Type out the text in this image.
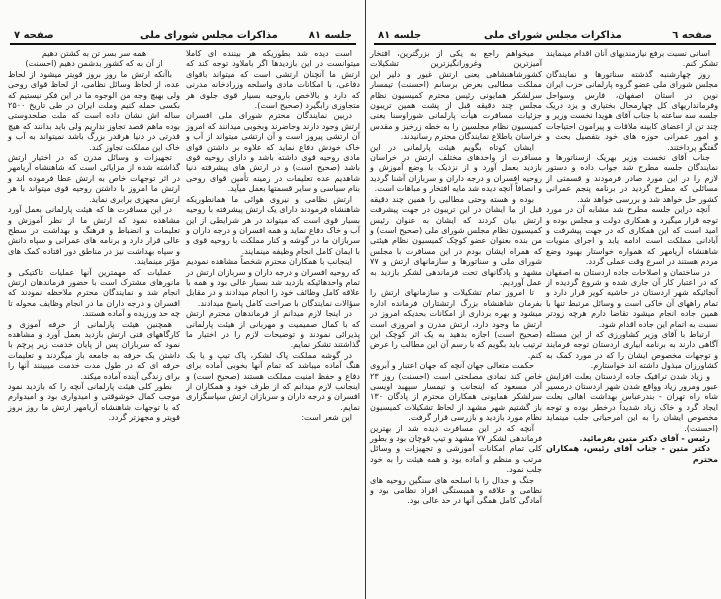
صفحه ۷	مذاکرات مجلس شورای ملی	جلسه ۸۱	جلسه ۸۱	مذاکرات مجلس شورای ملی	صفحه ٦

همه سر بسر تن به کشتن دهیم

از آن به که کشور بدشمن دهیم (احسنت)

باآنکه ارتش ما روز بروز قویتر میشود از لحاظ عده، از لحاظ وسائل نظامی، از لحاظ قوای روحی ولی بهیچ وجه من الوجوه ما در این فکر نیستیم که بکسی حمله کنیم وملت ایران در طی تاریخ ۲۵۰۰ ساله اش نشان داده است که ملت صلحدوستی بوده ماهم قصد تجاوز نداریم ولی باید بدانند که هیچ قدرتی در دنیا هرقدر بزرگ باشد نمیتواند به آب و خاک این مملکت تجاوز کند.

تجهیزات و وسائل مدرن که در اختیار ارتش گذاشته شده از مزایائی است که شاهنشاه آریامهر در اثر توجهات خاص به ارتش عطا فرموده اند و ارتش ما امروز با داشتن روحیه قوی میتواند با هر ارتش مجهزی برابری نماید.

در این مسافرت ها که هیئت پارلمانی بعمل آورد مشاهده نمود که ارتش ما از نظر آموزش و تعلیمات و انضباط و فرهنگ و بهداشت در سطح عالی قرار دارد و برنامه های عمرانی و سپاه دانش و سپاه بهداشت نیز در مناطق دور افتاده کمک های مؤثر مینمایند.

عملیات که مهمترین آنها عملیات تاکتیکی و مانورهای مشترک است با حضور فرماندهان ارتش انجام شد و نمایندگان محترم ملاحظه نمودند که افسران و درجه داران ما در انجام وظایف محوله تا چه حد ورزیده و آماده هستند.

همچنین هیئت پارلمانی از حرفه آموزی و کارگاههای فنی ارتش بازدید بعمل آورد و مشاهده نمود که سربازان پس از پایان خدمت زیر پرچم با داشتن یک حرفه به جامعه باز میگردند و تعلیمات حرفه ای که در طول مدت خدمت میبینند آنها را برای زندگی آینده آماده میکند.

بطور کلی هیئت پارلمانی آنچه را که بازدید نمود موجب کمال خوشوقتی و امیدواری بود و امیدوارم که با توجهات شاهنشاه آریامهر ارتش ما روز بروز قویتر و مجهزتر گردد.

است دیده شد بطوریکه هر بیننده ای کاملا میتوانست در این بازدیدها اگر باملاود توجه کند که ارتش ما آنچنان ارتشی است که میتواند باقوای دفاعی، با امکانات مادی واسلحه وزرادخانه مدرنی که دارد و بالاخص باروحیه بسیار قوی جلوی هر متجاوزی رابگیرد (صحیح است).

دربین نمایندگان محترم شورای ملی افسران ارتش وجود دارند وحاضرند وبخوبی میدانند که امروز آن ارتشی پیروز است و آن ارتشی میتواند از آب و خاک خودش دفاع نماید که علاوه بر داشتن قوای مادی روحیه قوی داشته باشد و دارای روحیه قوی باشد (صحیح است) و در ارتش های پیشرفته دنیا شاهدیم عده تعلیمات در زمینه تأمین قوای روحی بنام سیاسی و سایر قسمتها بعمل میآید.

ارتش نظامی و نیروی هوائی ما همانطوریکه شاهنشاه فرمودند دارای یک ارتش پیشرفته با روحیه بسیار قوی است که میتواند در هر شرایطی از این آب و خاک دفاع نماید و همه افسران و درجه داران و سربازان ما در گوشه و کنار مملکت با روحیه قوی و با ایمان کامل انجام وظیفه مینمایند.

اینجانب با همکاران محترم شخصاً مشاهده نمودیم که روحیه افسران و درجه داران و سربازان ارتش در تمام واحدهائیکه بازدید شد بسیار عالی بود و همه با علاقه کامل وظائف خود را انجام میدادند و در مقابل سؤالات نمایندگان با صراحت کامل پاسخ میدادند.

در اینجا لازم میدانم از فرماندهان محترم ارتش که با کمال صمیمیت و مهربانی از هیئت پارلمانی پذیرائی نمودند و توضیحات لازم را در اختیار ما گذاشتند تشکر نمایم.

در گوشه مملکت پاک لشکر، پاک تیپ و یا یک هنگ آماده میباشد که تمام آنها بخوبی آماده برای دفاع و حفظ امنیت مملکت هستند (صحیح است) و اینجانب لازم میدانم که از طرف خود و همکاران از افسران و درجه داران و سربازان ارتش سپاسگزاری نمایم.

این شعر است:

میخواهم راجع به یکی از بزرگترین، افتخار آمیزترین وغرورانگیزترین تشکیلات کشورشاهنشاهی یعنی ارتش غیور و دلیر این مملکت مطالبی بعرض برسانم (احسنت) تیمسار سرلشکر همایونی رئیس محترم کمیسیون نظام مجلس چند دقیقه قبل از پشت همین تریبون جزئیات مسافرت هیأت پارلمانی شوراوسنا یعنی کمیسیون نظام مجلسین را به خطه زرخیز و مقدس خراسان باطلاع نمایندگان محترم رسانیدند.

ایشان کوتاه بگویم هیئت پارلمانی در این مسافرت از واحدهای مختلف ارتش در خراسان بازدید بعمل آورد و از نزدیک با وضع آموزش و روحیه افسران و درجه داران و سربازان آشنا گردید و انصافاً آنچه دیده شد مایه افتخار و مباهات است.

بوده و هسته وحتی مطالبی را همین چند دقیقه قبل از ما ایشان در این تریبون در جهت پیشرفت ارتش بیان کردند که ایشان به عنوان رئیس کمیسیون نظام مجلس شورای ملی (صحیح است) و من بنده بعنوان عضو کوچک کمیسیون نظام هیئتی که همراه ایشان بودم در این مسافرت با مجلس شورای ملی و سناتورها و سازمانهای ارتش و ۷۷ مشهد و پادگانهای تحت فرماندهی لشکر بازدید به عمل آوردیم.

تا امروز تمام تشکیلات و سازمانهای ارتش را بفرمان شاهنشاه بزرگ ارتشتاران فرمانده اداره میشود و بهره برداری از امکانات بحدیکه امروز در ارتش ما وجود دارد، ارتش مدرن و امروزی است (صحیح است) اجازه بدهید به یک اثر کوچک این ترتیب باید بگویم که با رسم آن این مطالب را عرض کنم.

حکمت متعالی جهان آنچه که جهان اعتبار و آبروی خاص کند نمادی مصلحتی است (احسنت) روز ۲۳ آذر مسعود که اینجانب و تیمسار سپهبد اویسی سرلشکر همایونی همکاران محترم از پادگان ۱۳۰ باز گشتیم شهر مشهد از لحاظ تشکیلات کمیسیون نظام مورد بازدید و بازرسی قرار گرفت.

آنچه که در این مسافرت دیده شد از بهترین فرماندهی لشکر ۷۷ مشهد و تیپ قوچان بود و بطور کلی تمام امکانات آموزشی و تجهیزات و وسائل مرتب و منظم و آماده بود و همه هیئت را به خود جلب نمود.

جنگ و جدال را با اسلحه های سنگین روحیه های نظامی و علاقه و همبستگی افراد نظامی بود و آمادگی کامل همگی آنها در حد عالی بود.

اسانی نسبت برفع نیازمندیهای آنان اقدام مینمایند تشکر کنم.

روز چهارشنبه گذشته سناتورها و نمایندگان مجلس شورای ملی عضو گروه پارلمانی حزب ایران نوین در استان اصفهان، فارس وسواحل وفرمانداریهای کل چهارمحال بختیاری و یزد دریک جلسه سه ساعته با جناب آقای هویدا نخست وزیر و چند تن از اعضای کابینه ملاقات و پیرامون احتیاجات و امور عمرانی حوزه های خود بتفصیل بحث و گفتگو پرداختند.

جناب آقای نخست وزیر بهریک ازسناتورها و نمایندگان جلسه مطرح شد جواب داده و دستور لازم را در این مورد صادر فرمودند و قسمتی از مسائلی که مطرح گردید در برنامه پنجم عمرانی کشور حل خواهد شد و بررسی خواهد شد.

آنچه دراین جلسه مطرح شد مشابه آن در مورد توجه قرار میگیرد و همکاری دولت و مجلس بوده و امید است که این همکاری که در جهت پیشرفت و آبادانی مملکت است ادامه یابد و اجرای منویات شاهنشاه آریامهر که همواره خواستار بهبود وضع مردم هستند در اسرع وقت عملی گردد.

در ساختمان و اصلاحات جاده اردستان به اصفهان که در اعتبار کار آن جاری شده و شروع گردیده از آنجائیکه شهر اردستان در حاشیه کویر قرار دارد و تمام راههای آن خاکی است و وسائل مرتبط تنها با همین جاده انجام میشود تقاضا دارم هرچه زودتر نسبت به اتمام این جاده اقدام شود.

ارتباط با آقای وزیر کشاورزی که از این مسئله آگاهی دارند به برنامه آبیاری اردستان توجه فرمایند و توجهات مخصوص ایشان را که در مورد کمک به کشاورزان مبذول داشته اند خواستارم.

و زیاد شدن ترافیک جاده اردستان بعلت افزایش عبور ومرور زیاد وواقع شدن شهر اردستان درمسیر شاه راه تهران - بندرعباس بهداشت اهالی بعلت ایجاد گرد و خاک زیاد شدیداً درخطر بوده و توجه مخصوص ایشان را به این امرحیاتی جلب مینماید (احسنت).

رئیس - آقای دکتر متین بفرمائید.

دکتر متین - جناب آقای رئیس، همکاران محترم
